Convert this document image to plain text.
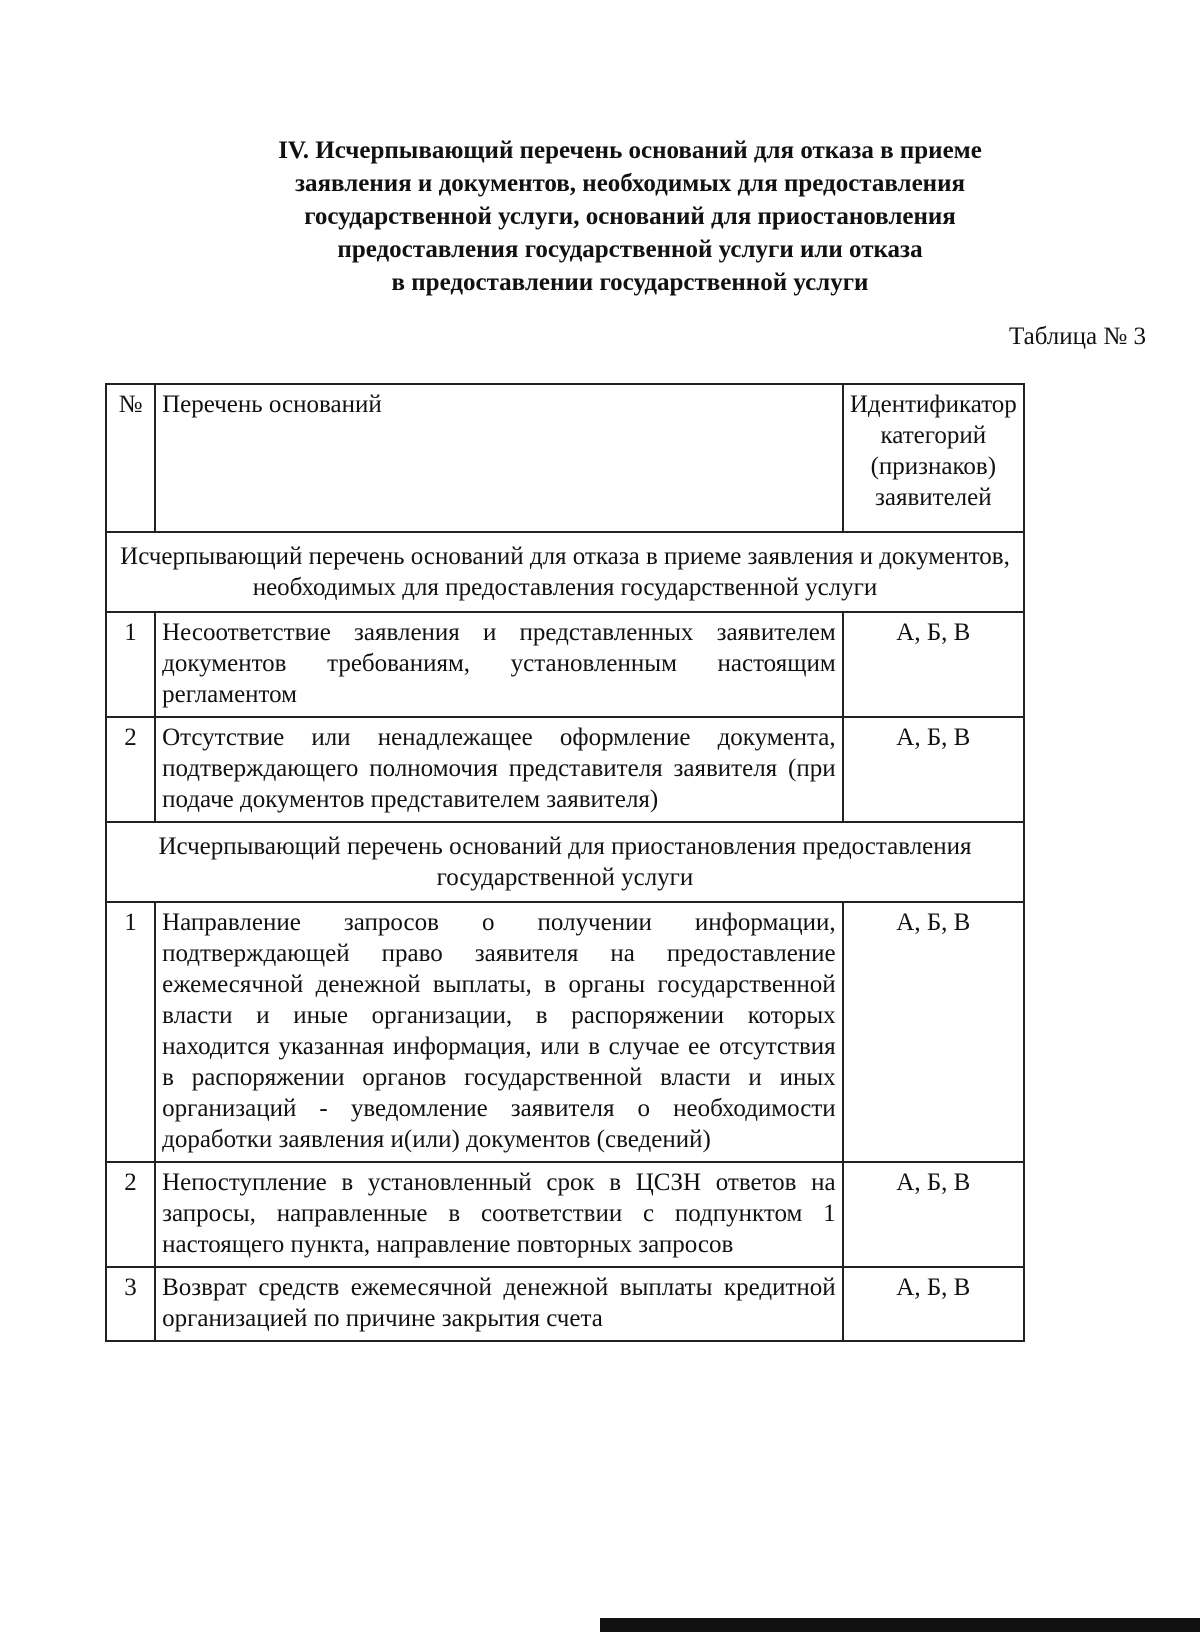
IV. Исчерпывающий перечень оснований для отказа в приеме
заявления и документов, необходимых для предоставления
государственной услуги, оснований для приостановления
предоставления государственной услуги или отказа
в предоставлении государственной услуги
Таблица № 3
№	Перечень оснований	Идентификатор категорий (признаков) заявителей
Исчерпывающий перечень оснований для отказа в приеме заявления и документов, необходимых для предоставления государственной услуги		
1	Несоответствие заявления и представленных заявителем документов требованиям, установленным настоящим регламентом	А, Б, В
2	Отсутствие или ненадлежащее оформление документа, подтверждающего полномочия представителя заявителя (при подаче документов представителем заявителя)	А, Б, В
Исчерпывающий перечень оснований для приостановления предоставления государственной услуги		
1	Направление запросов о получении информации, подтверждающей право заявителя на предоставление ежемесячной денежной выплаты, в органы государственной власти и иные организации, в распоряжении которых находится указанная информация, или в случае ее отсутствия в распоряжении органов государственной власти и иных организаций - уведомление заявителя о необходимости доработки заявления и(или) документов (сведений)	А, Б, В
2	Непоступление в установленный срок в ЦСЗН ответов на запросы, направленные в соответствии с подпунктом 1 настоящего пункта, направление повторных запросов	А, Б, В
3	Возврат средств ежемесячной денежной выплаты кредитной организацией по причине закрытия счета	А, Б, В
